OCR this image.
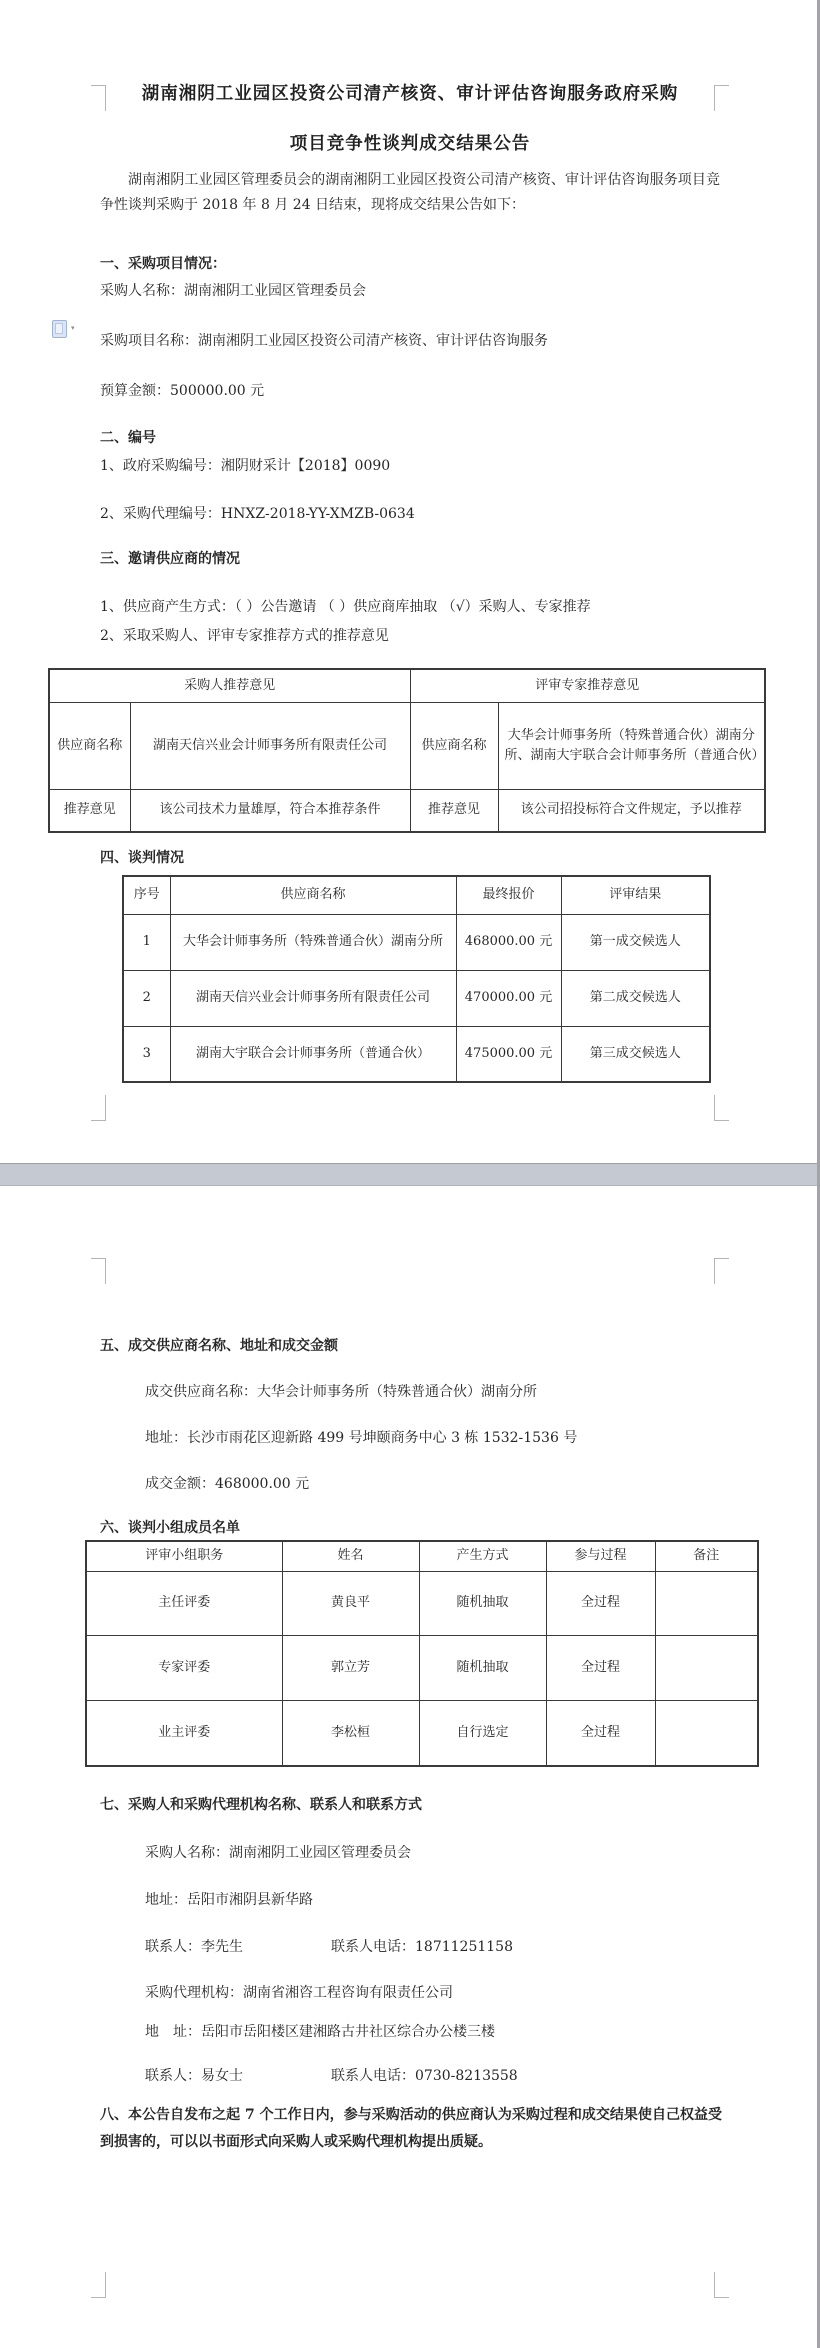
湖南湘阴工业园区投资公司清产核资、审计评估咨询服务政府采购
项目竞争性谈判成交结果公告
湖南湘阴工业园区管理委员会的湖南湘阴工业园区投资公司清产核资、审计评估咨询服务项目竞争性谈判采购于 2018 年 8 月 24 日结束，现将成交结果公告如下：
一、采购项目情况：
采购人名称：湖南湘阴工业园区管理委员会
采购项目名称：湖南湘阴工业园区投资公司清产核资、审计评估咨询服务
预算金额：500000.00 元
▾
二、编号
1、政府采购编号：湘阴财采计【2018】0090
2、采购代理编号：HNXZ-2018-YY-XMZB-0634
三、邀请供应商的情况
1、供应商产生方式：（ ）公告邀请 （ ）供应商库抽取 （√）采购人、专家推荐
2、采取采购人、评审专家推荐方式的推荐意见
采购人推荐意见		评审专家推荐意见	
供应商名称	湖南天信兴业会计师事务所有限责任公司	供应商名称	大华会计师事务所（特殊普通合伙）湖南分所、湖南大宇联合会计师事务所（普通合伙）
推荐意见	该公司技术力量雄厚，符合本推荐条件	推荐意见	该公司招投标符合文件规定，予以推荐
四、谈判情况
序号	供应商名称	最终报价	评审结果
1	大华会计师事务所（特殊普通合伙）湖南分所	468000.00 元	第一成交候选人
2	湖南天信兴业会计师事务所有限责任公司	470000.00 元	第二成交候选人
3	湖南大宇联合会计师事务所（普通合伙）	475000.00 元	第三成交候选人
五、成交供应商名称、地址和成交金额
成交供应商名称：大华会计师事务所（特殊普通合伙）湖南分所
地址：长沙市雨花区迎新路 499 号坤颐商务中心 3 栋 1532-1536 号
成交金额：468000.00 元
六、谈判小组成员名单
评审小组职务	姓名	产生方式	参与过程	备注
主任评委	黄良平	随机抽取	全过程	
专家评委	郭立芳	随机抽取	全过程	
业主评委	李松桓	自行选定	全过程	
七、采购人和采购代理机构名称、联系人和联系方式
采购人名称：湖南湘阴工业园区管理委员会
地址：岳阳市湘阴县新华路
联系人：李先生	联系人电话：18711251158
采购代理机构：湖南省湘咨工程咨询有限责任公司
地　址：岳阳市岳阳楼区建湘路古井社区综合办公楼三楼
联系人：易女士	联系人电话：0730-8213558
八、本公告自发布之起 7 个工作日内，参与采购活动的供应商认为采购过程和成交结果使自己权益受到损害的，可以以书面形式向采购人或采购代理机构提出质疑。
